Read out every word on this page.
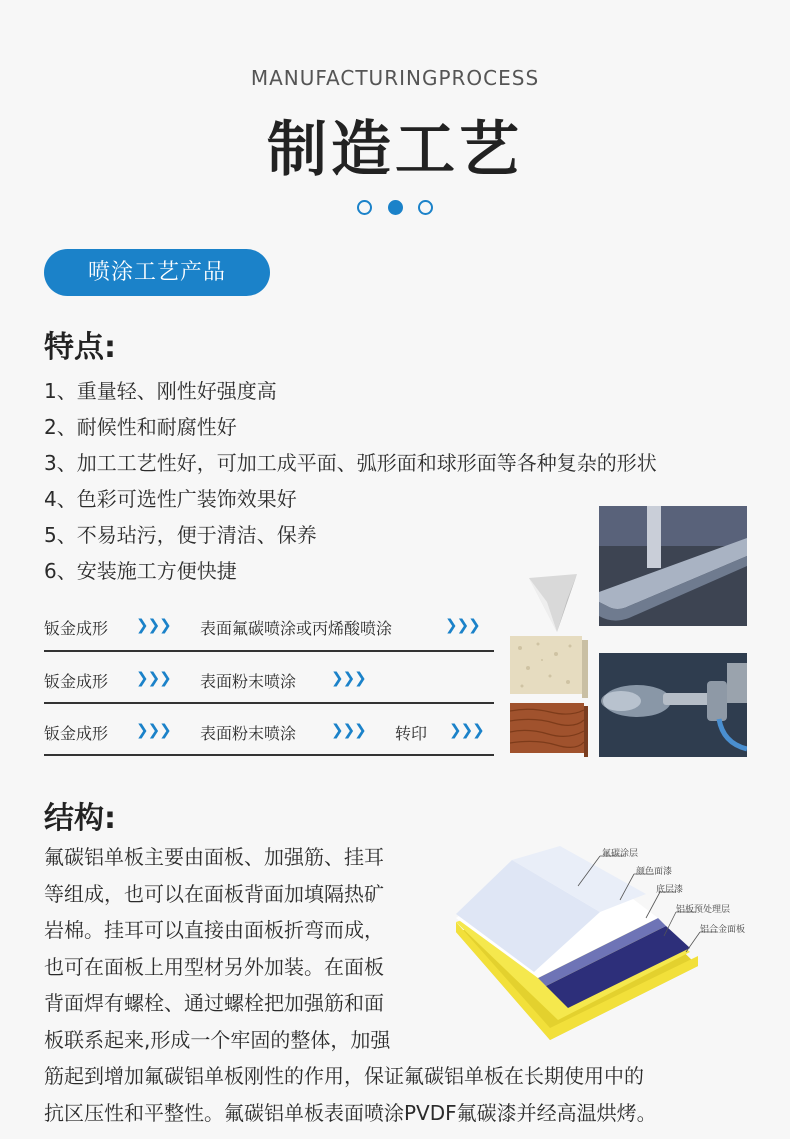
MANUFACTURINGPROCESS
制造工艺
喷涂工艺产品
特点:
1、重量轻、刚性好强度高
2、耐候性和耐腐性好
3、加工工艺性好，可加工成平面、弧形面和球形面等各种复杂的形状
4、色彩可选性广装饰效果好
5、不易玷污，便于清洁、保养
6、安装施工方便快捷
钣金成形 ❯❯❯ 表面氟碳喷涂或丙烯酸喷涂	❯❯❯
钣金成形 ❯❯❯ 表面粉末喷涂 ❯❯❯
钣金成形 ❯❯❯ 表面粉末喷涂 ❯❯❯ 转印 ❯❯❯
结构:
氟碳铝单板主要由面板、加强筋、挂耳
等组成，也可以在面板背面加填隔热矿
岩棉。挂耳可以直接由面板折弯而成，
也可在面板上用型材另外加装。在面板
背面焊有螺栓、通过螺栓把加强筋和面
板联系起来,形成一个牢固的整体，加强
筋起到增加氟碳铝单板刚性的作用，保证氟碳铝单板在长期使用中的
抗区压性和平整性。氟碳铝单板表面喷涂PVDF氟碳漆并经高温烘烤。
氟碳涂层
颜色面漆
底层漆
铝板预处理层
铝合金面板
